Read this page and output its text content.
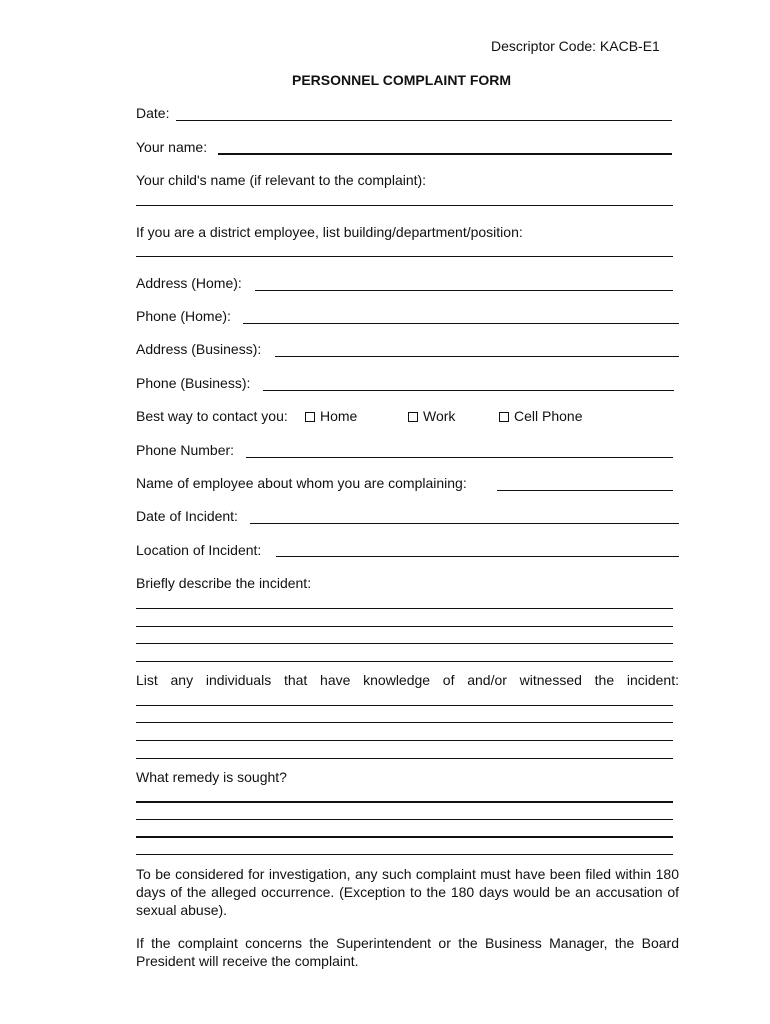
Descriptor Code: KACB-E1
PERSONNEL COMPLAINT FORM
Date:
Your name:
Your child's name (if relevant to the complaint):
If you are a district employee, list building/department/position:
Address (Home):
Phone (Home):
Address (Business):
Phone (Business):
Best way to contact you:	Home	Work	Cell Phone
Phone Number:
Name of employee about whom you are complaining:
Date of Incident:
Location of Incident:
Briefly describe the incident:
List any individuals that have knowledge of and/or witnessed the incident:
What remedy is sought?
To be considered for investigation, any such complaint must have been filed within 180 days of the alleged occurrence. (Exception to the 180 days would be an accusation of sexual abuse).
If the complaint concerns the Superintendent or the Business Manager, the Board President will receive the complaint.
